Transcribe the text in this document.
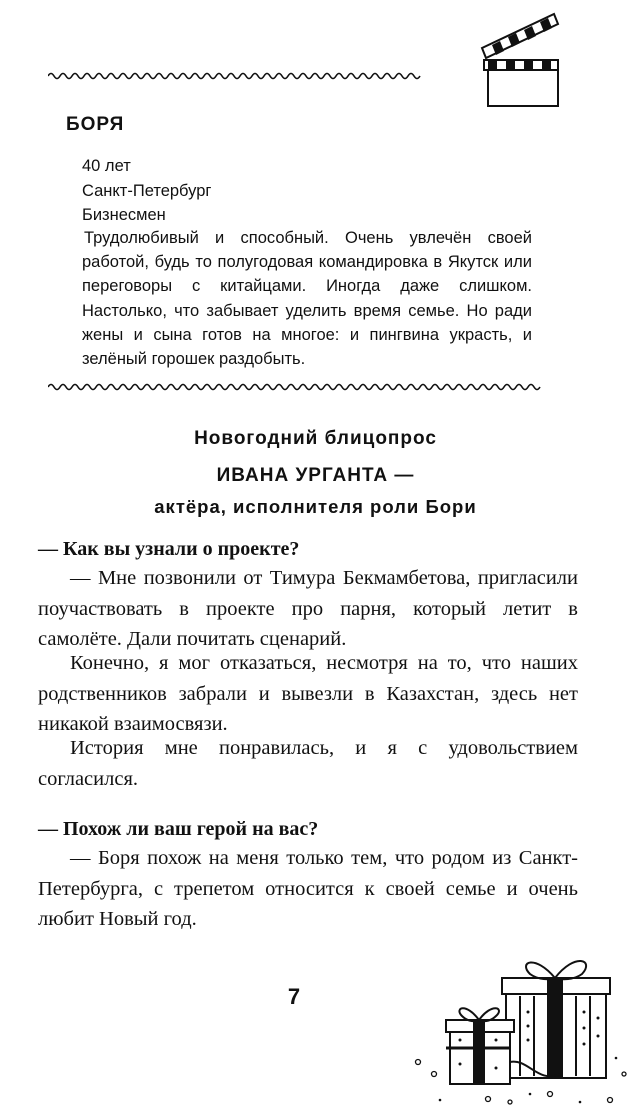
БОРЯ
40 лет
Санкт-Петербург
Бизнесмен
Трудолюбивый и способный. Очень увлечён своей работой, будь то полугодовая командировка в Якутск или переговоры с китайцами. Иногда даже слишком. Настолько, что забывает уделить время семье. Но ради жены и сына готов на многое: и пингвина украсть, и зелёный горошек раздобыть.
Новогодний блицопрос
ИВАНА УРГАНТА —
актёра, исполнителя роли Бори
— Как вы узнали о проекте?
— Мне позвонили от Тимура Бекмамбетова, пригласили поучаствовать в проекте про парня, который летит в самолёте. Дали почитать сценарий.
Конечно, я мог отказаться, несмотря на то, что наших родственников забрали и вывезли в Казахстан, здесь нет никакой взаимосвязи.
История мне понравилась, и я с удовольствием согласился.
— Похож ли ваш герой на вас?
— Боря похож на меня только тем, что родом из Санкт-Петербурга, с трепетом относится к своей семье и очень любит Новый год.
7
